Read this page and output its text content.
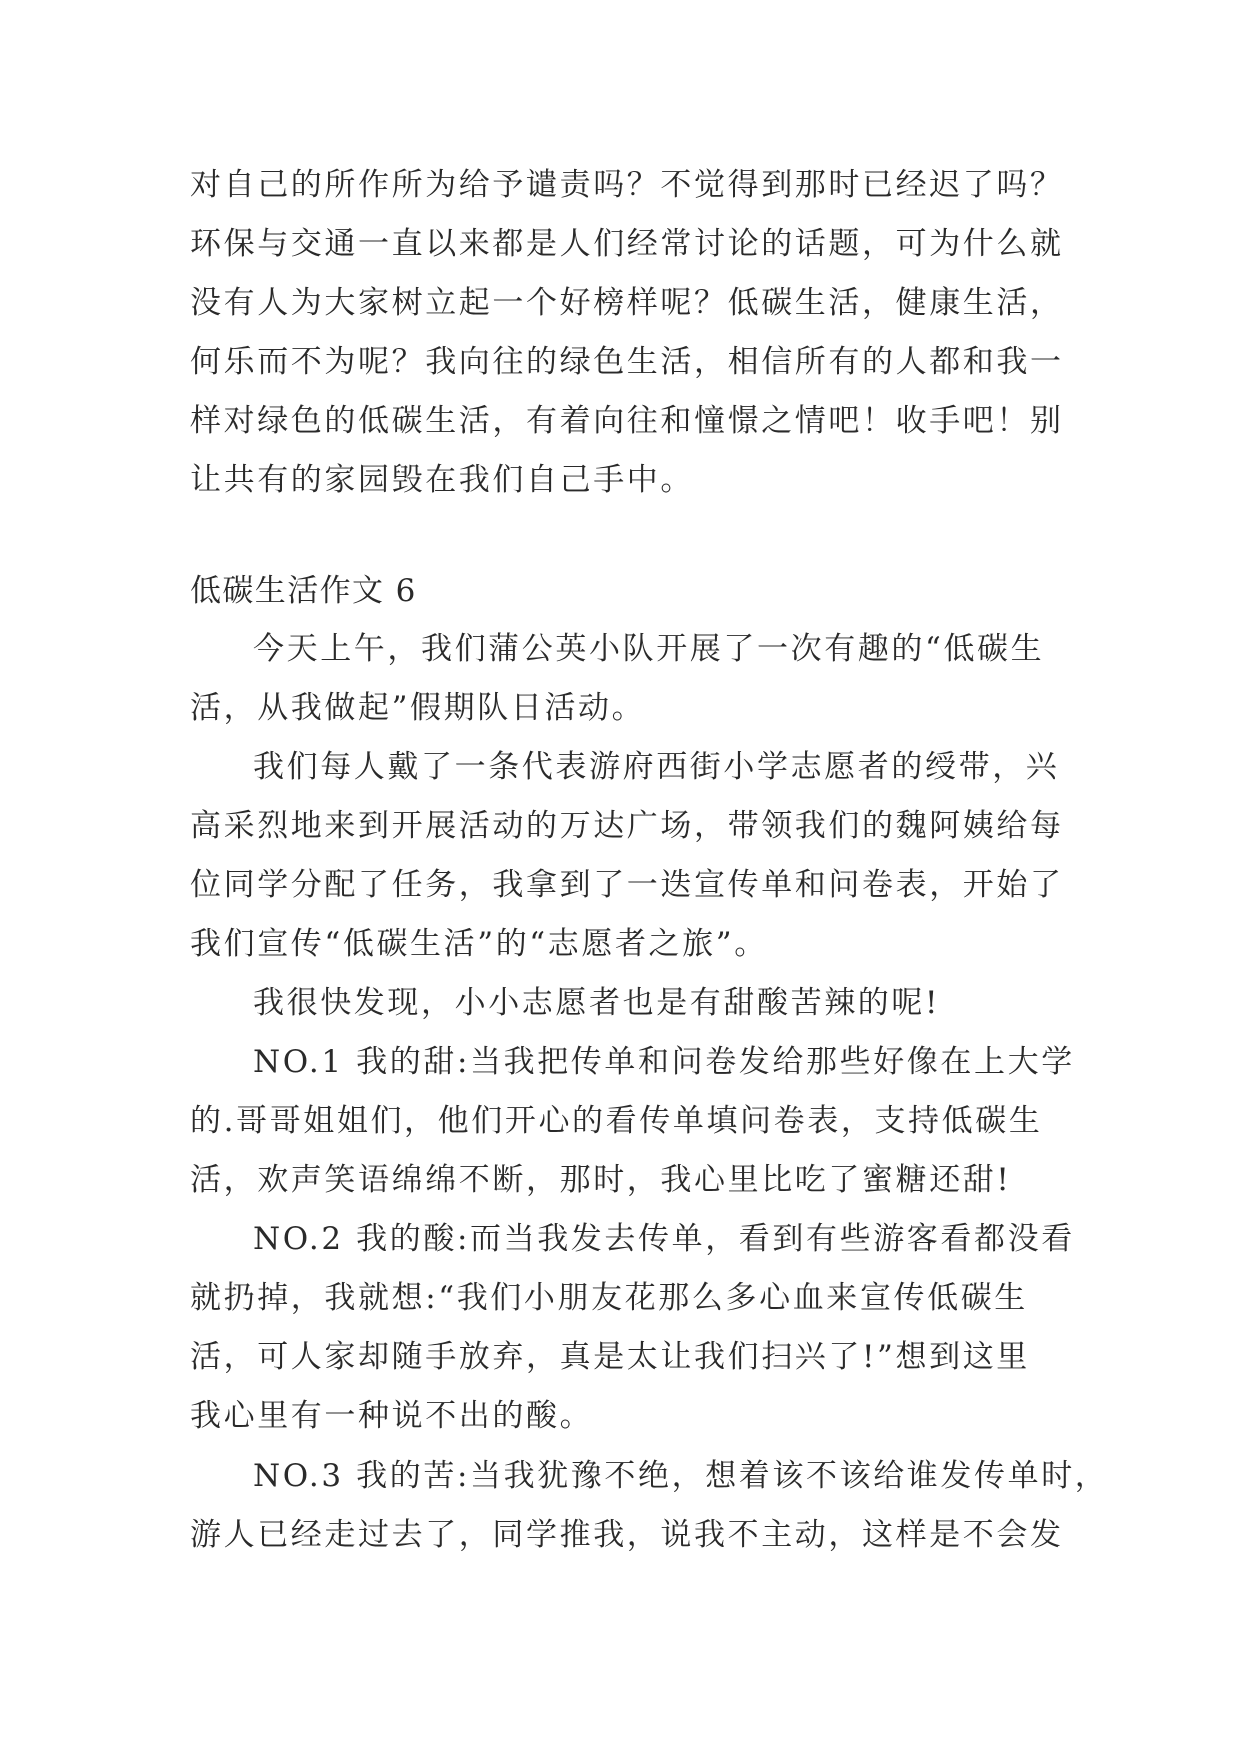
对自己的所作所为给予谴责吗？不觉得到那时已经迟了吗？
环保与交通一直以来都是人们经常讨论的话题，可为什么就
没有人为大家树立起一个好榜样呢？低碳生活，健康生活，
何乐而不为呢？我向往的绿色生活，相信所有的人都和我一
样对绿色的低碳生活，有着向往和憧憬之情吧！收手吧！别
让共有的家园毁在我们自己手中。
低碳生活作文 6
今天上午，我们蒲公英小队开展了一次有趣的“低碳生
活，从我做起”假期队日活动。
我们每人戴了一条代表游府西街小学志愿者的绶带，兴
高采烈地来到开展活动的万达广场，带领我们的魏阿姨给每
位同学分配了任务，我拿到了一迭宣传单和问卷表，开始了
我们宣传“低碳生活”的“志愿者之旅”。
我很快发现，小小志愿者也是有甜酸苦辣的呢!
NO.1 我的甜:当我把传单和问卷发给那些好像在上大学
的.哥哥姐姐们，他们开心的看传单填问卷表，支持低碳生
活，欢声笑语绵绵不断，那时，我心里比吃了蜜糖还甜!
NO.2 我的酸:而当我发去传单，看到有些游客看都没看
就扔掉，我就想:“我们小朋友花那么多心血来宣传低碳生
活，可人家却随手放弃，真是太让我们扫兴了!”想到这里
我心里有一种说不出的酸。
NO.3 我的苦:当我犹豫不绝，想着该不该给谁发传单时，
游人已经走过去了，同学推我，说我不主动，这样是不会发
